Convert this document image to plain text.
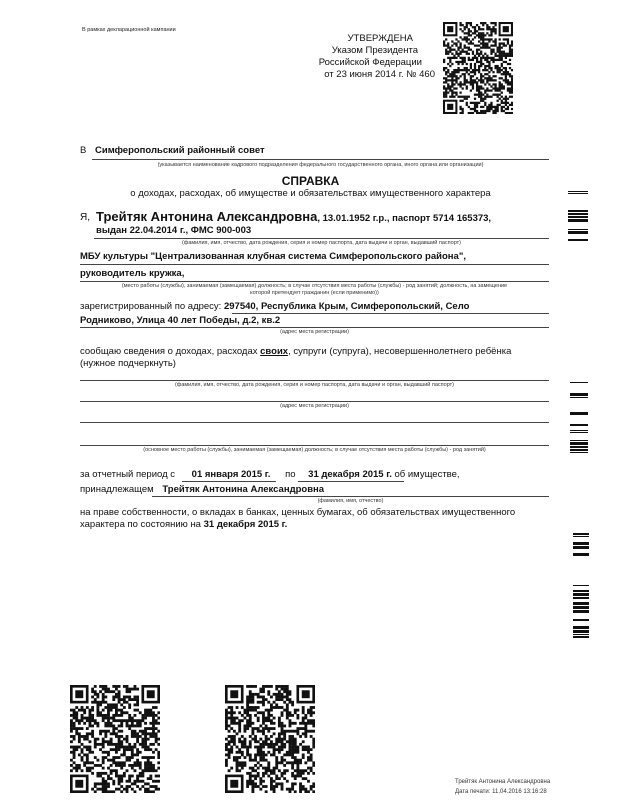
В рамках декларационной кампании
УТВЕРЖДЕНА
Указом Президента
Российской Федерации
от 23 июня 2014 г. № 460
В Симферопольский районный совет
(указывается наименование кадрового подразделения федерального государственного органа, иного органа или организации)
СПРАВКА
о доходах, расходах, об имуществе и обязательствах имущественного характера
Я, Трейтяк Антонина Александровна, 13.01.1952 г.р., паспорт 5714 165373,
выдан 22.04.2014 г., ФМС 900-003
(фамилия, имя, отчество, дата рождения, серия и номер паспорта, дата выдачи и орган, выдавший паспорт)
МБУ культуры "Централизованная клубная система Симферопольского района",
руководитель кружка,
(место работы (службы), занимаемая (замещаемая) должность; в случае отсутствия места работы (службы) - род занятий; должность, на замещение
которой претендует гражданин (если применимо))
зарегистрированный по адресу: 297540, Республика Крым, Симферопольский, Село
Родниково, Улица 40 лет Победы, д.2, кв.2
(адрес места регистрации)
сообщаю сведения о доходах, расходах своих, супруги (супруга), несовершеннолетнего ребёнка
(нужное подчеркнуть)
(фамилия, имя, отчество, дата рождения, серия и номер паспорта, дата выдачи и орган, выдавший паспорт)
(адрес места регистрации)
(основное место работы (службы), занимаемая (замещаемая) должность; в случае отсутствия места работы (службы) - род занятий)
за отчетный период с 01 января 2015 г. по 31 декабря 2015 г. об имуществе,
принадлежащем Трейтяк Антонина Александровна
(фамилия, имя, отчество)
на праве собственности, о вкладах в банках, ценных бумагах, об обязательствах имущественного
характера по состоянию на 31 декабря 2015 г.
Трейтяк Антонина Александровна
Дата печати: 11.04.2016 13:16:28
